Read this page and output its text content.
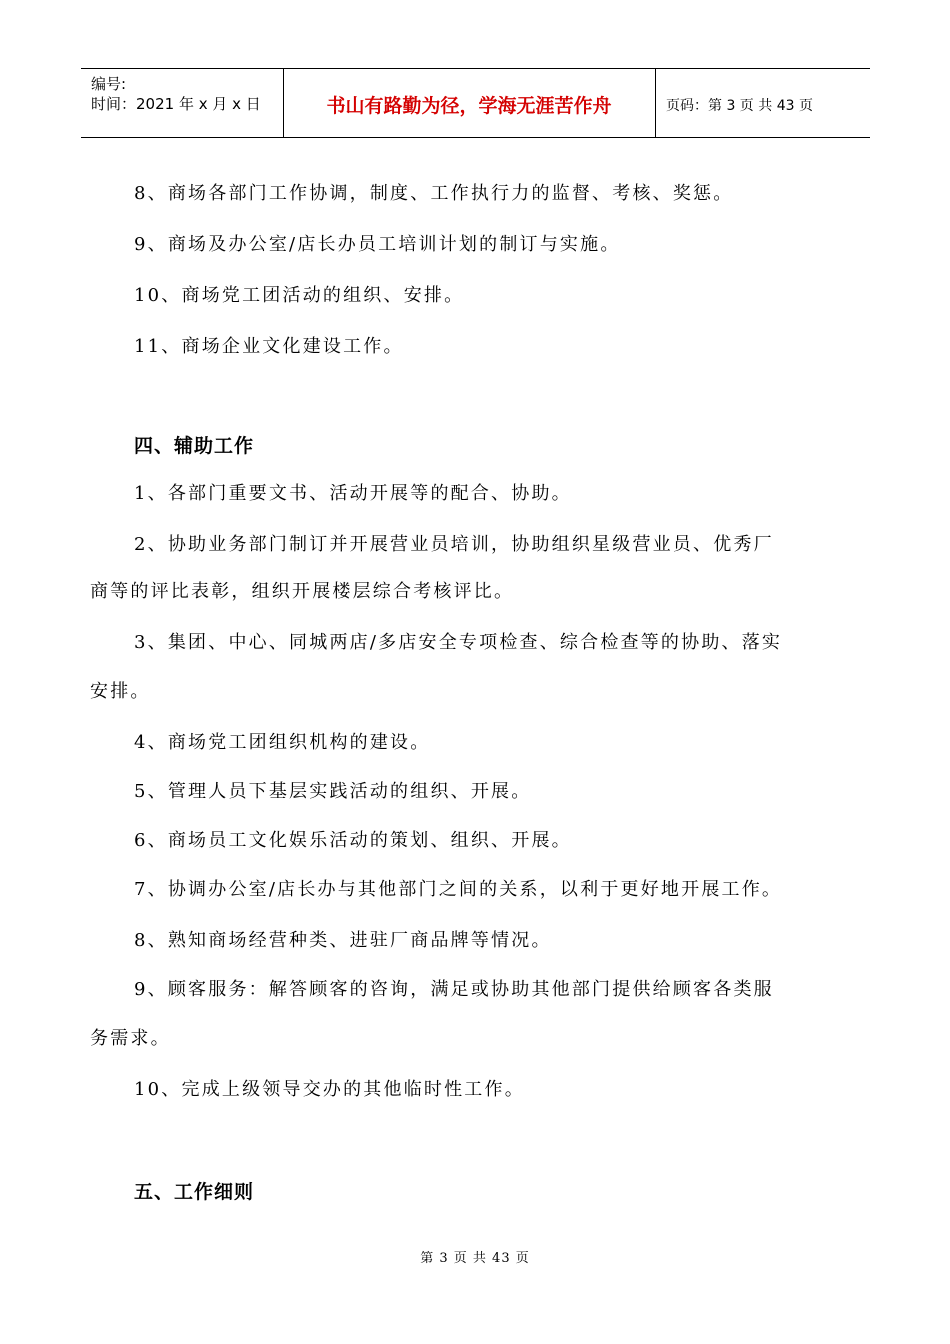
编号:
时间：2021 年 x 月 x 日	书山有路勤为径，学海无涯苦作舟	页码：第 3 页 共 43 页
8、商场各部门工作协调，制度、工作执行力的监督、考核、奖惩。
9、商场及办公室/店长办员工培训计划的制订与实施。
10、商场党工团活动的组织、安排。
11、商场企业文化建设工作。
四、辅助工作
1、各部门重要文书、活动开展等的配合、协助。
2、协助业务部门制订并开展营业员培训，协助组织星级营业员、优秀厂
商等的评比表彰，组织开展楼层综合考核评比。
3、集团、中心、同城两店/多店安全专项检查、综合检查等的协助、落实
安排。
4、商场党工团组织机构的建设。
5、管理人员下基层实践活动的组织、开展。
6、商场员工文化娱乐活动的策划、组织、开展。
7、协调办公室/店长办与其他部门之间的关系，以利于更好地开展工作。
8、熟知商场经营种类、进驻厂商品牌等情况。
9、顾客服务：解答顾客的咨询，满足或协助其他部门提供给顾客各类服
务需求。
10、完成上级领导交办的其他临时性工作。
五、工作细则
第 3 页 共 43 页
